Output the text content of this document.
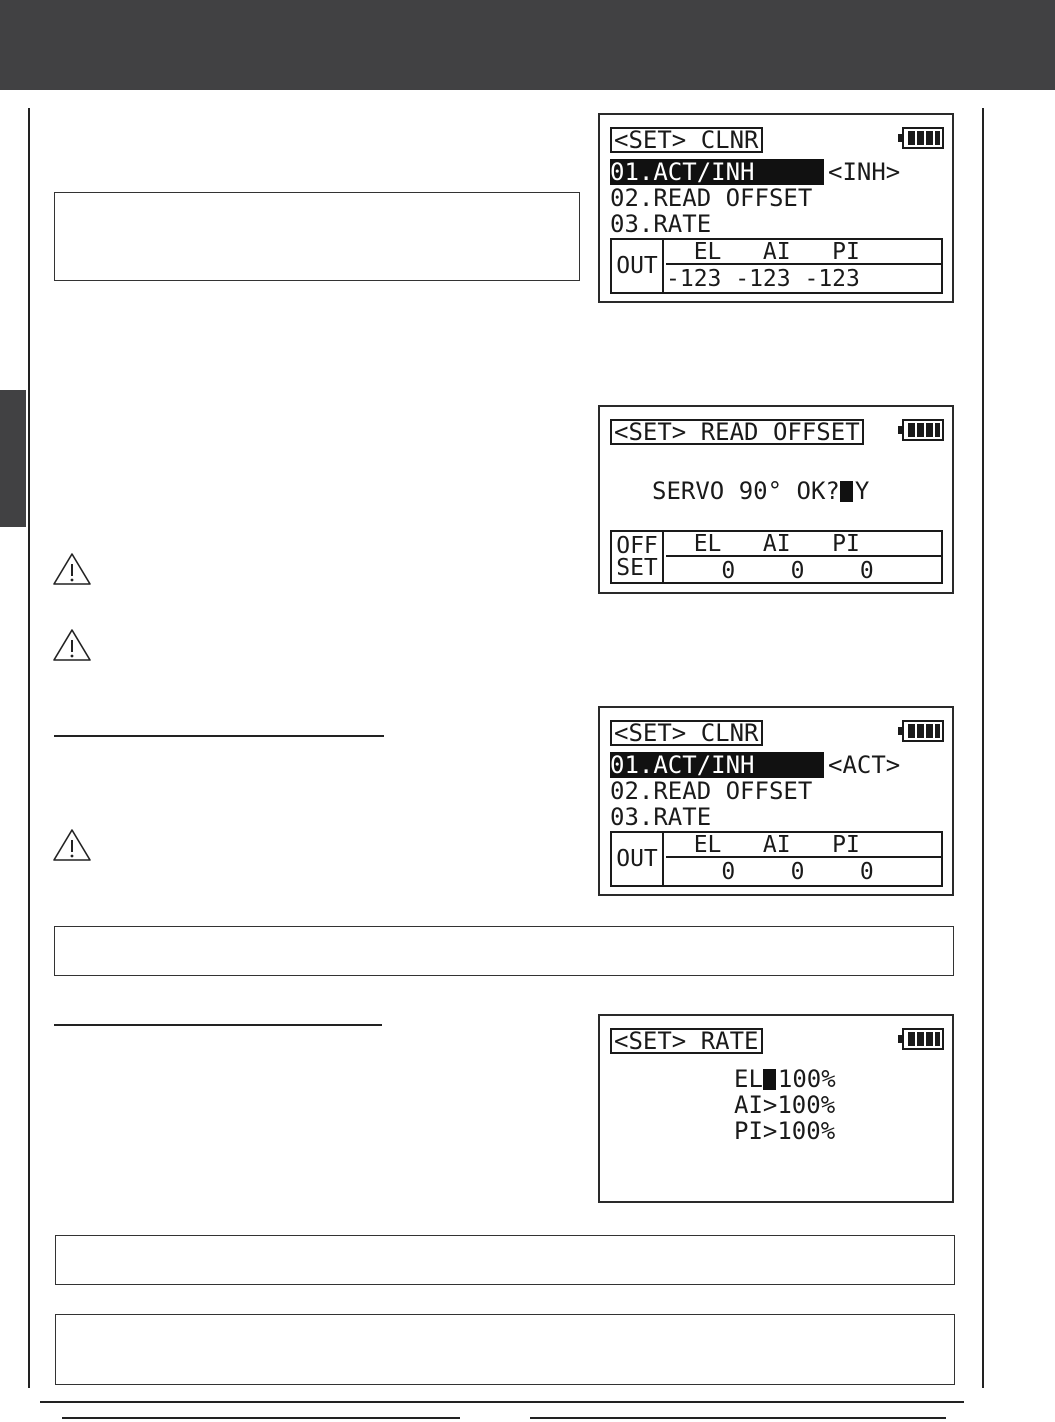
<SET> CLNR
01.ACT/INH	<INH>
02.READ OFFSET
03.RATE
OUT
EL   AI   PI
-123 -123 -123
<SET> READ OFFSET
SERVO 90° OK? Y
OFF
SET
EL   AI   PI
0    0    0
<SET> CLNR
01.ACT/INH	<ACT>
02.READ OFFSET
03.RATE
OUT
EL   AI   PI
0    0    0
<SET> RATE
EL 100%
AI>100%
PI>100%
